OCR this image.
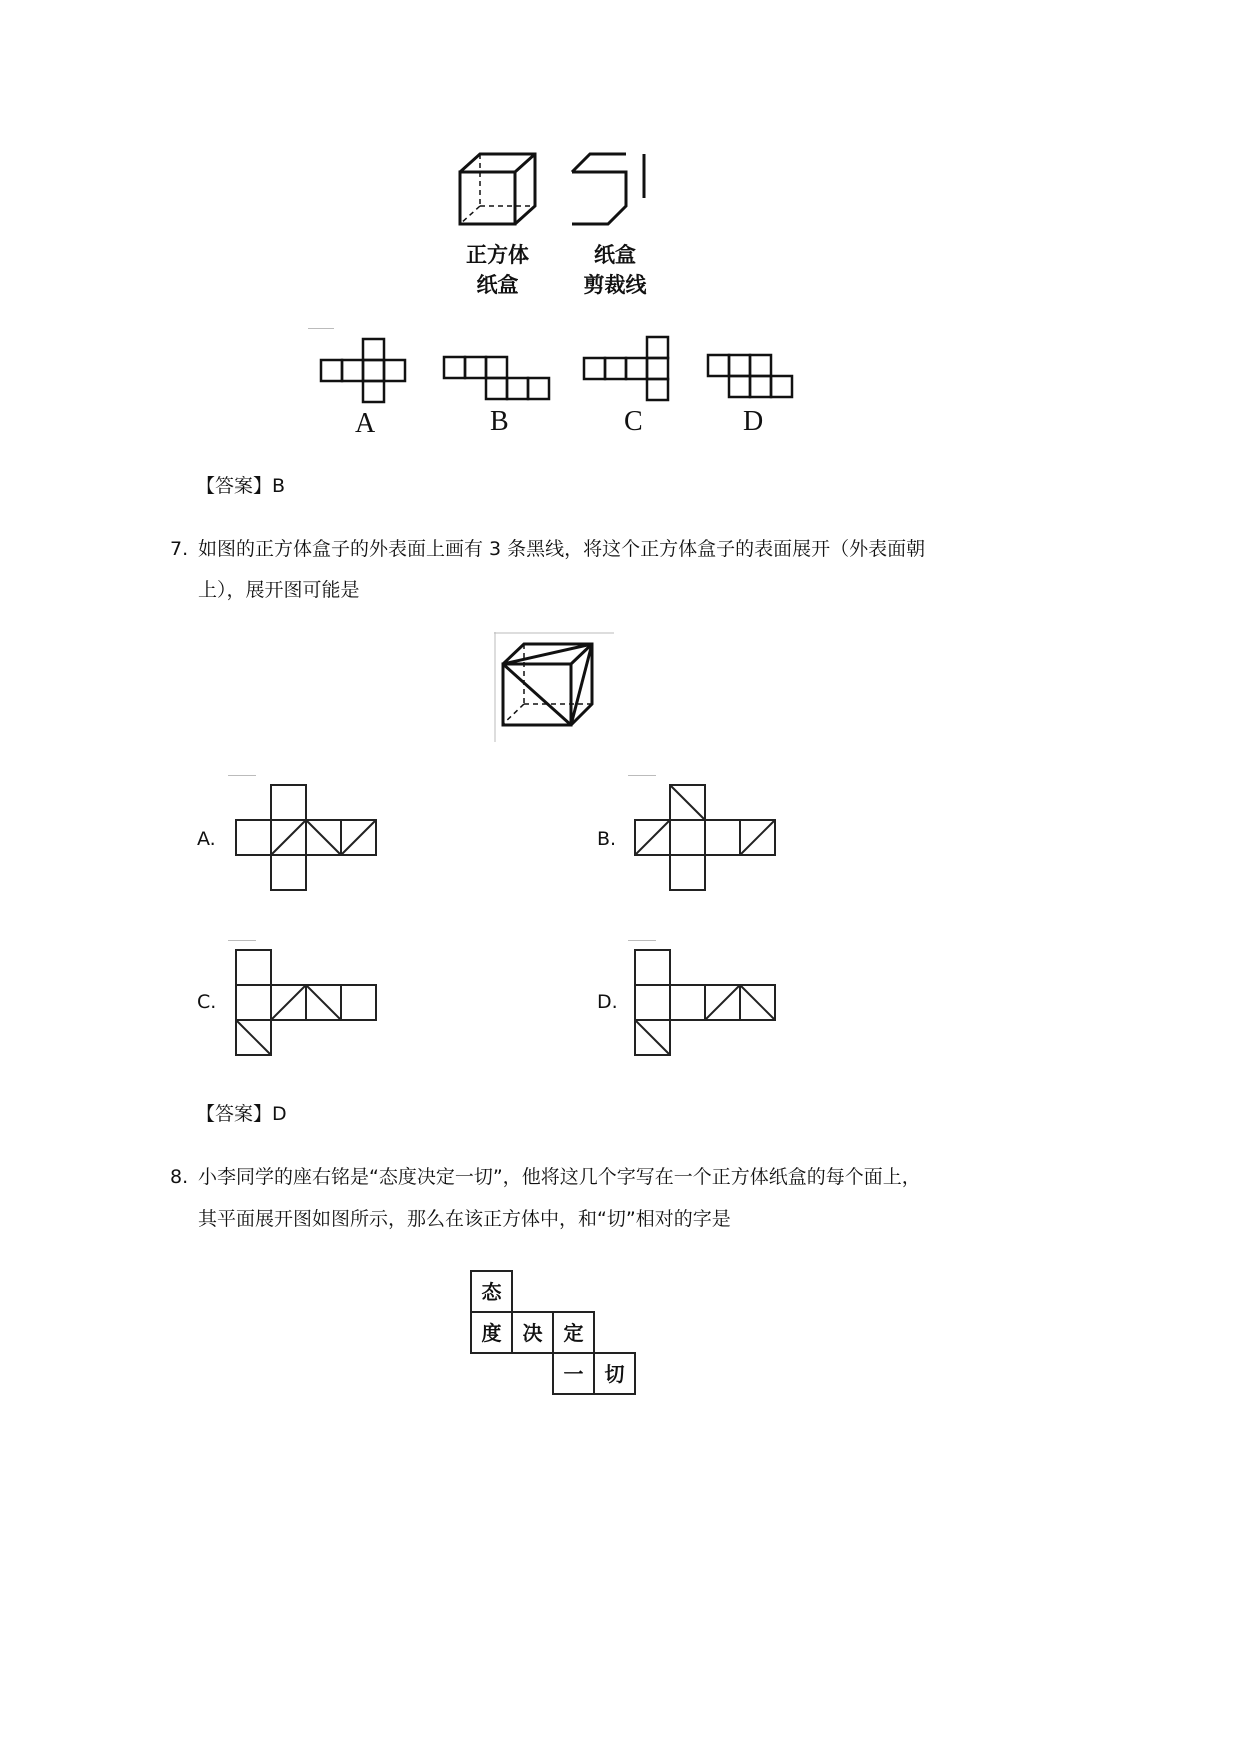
正方体
纸盒
纸盒
剪裁线
A	B	C	D
【答案】B
7. 如图的正方体盒子的外表面上画有 3 条黑线，将这个正方体盒子的表面展开（外表面朝
上），展开图可能是
A.	B.
C.	D.
【答案】D
8. 小李同学的座右铭是“态度决定一切”，他将这几个字写在一个正方体纸盒的每个面上，
其平面展开图如图所示，那么在该正方体中，和“切”相对的字是
态
度 决 定
一 切
